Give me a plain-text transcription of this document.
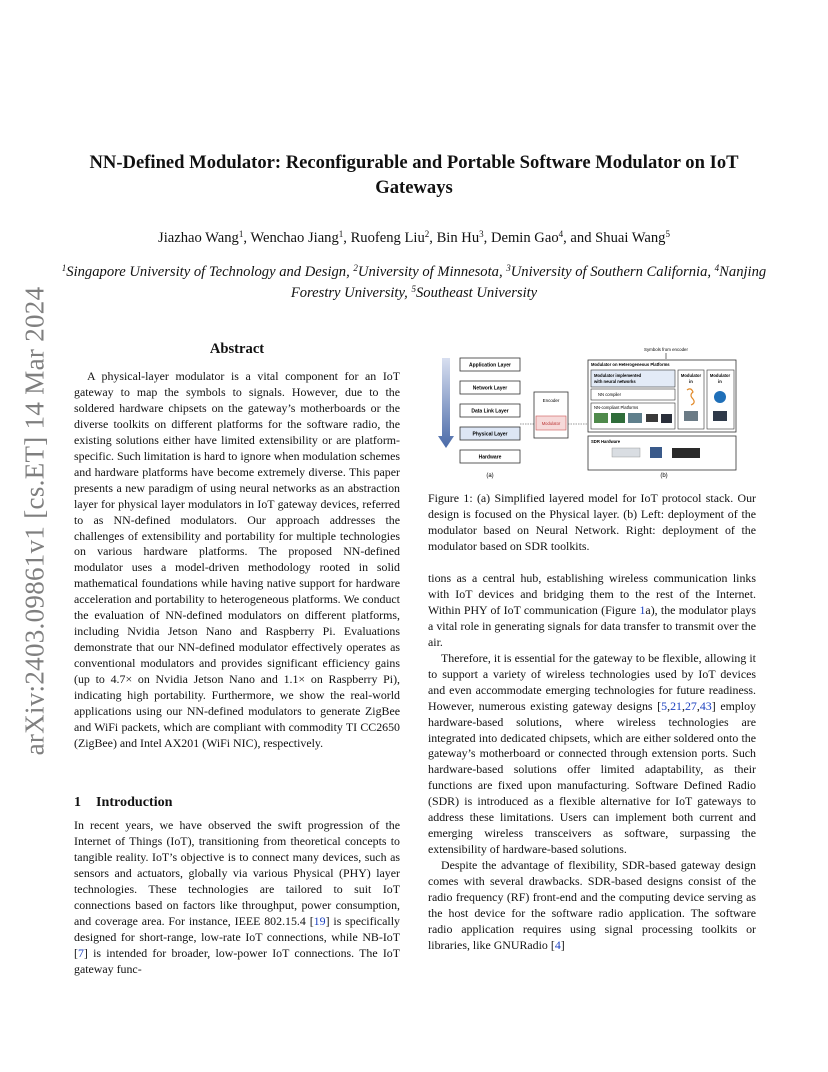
NN-Defined Modulator: Reconfigurable and Portable Software Modulator on IoT Gateways
Jiazhao Wang$^1$, Wenchao Jiang$^1$, Ruofeng Liu$^2$, Bin Hu$^3$, Demin Gao$^4$, and Shuai Wang$^5$
$^1$Singapore University of Technology and Design, $^2$University of Minnesota, $^3$University of Southern California, $^4$Nanjing Forestry University, $^5$Southeast University
arXiv:2403.09861v1 [cs.ET] 14 Mar 2024	Abstract

A physical-layer modulator is a vital component for an IoT gateway to map the symbols to signals. However, due to the soldered hardware chipsets on the gateway’s motherboards or the diverse toolkits on different platforms for the software radio, the existing solutions either have limited extensibility or are platform-specific. Such limitation is hard to ignore when modulation schemes and hardware platforms have become extremely diverse. This paper presents a new paradigm of using neural networks as an abstraction layer for physical layer modulators in IoT gateway devices, referred to as NN-defined modulators. Our approach addresses the challenges of extensibility and portability for multiple technologies on various hardware platforms. The proposed NN-defined modulator uses a model-driven methodology rooted in solid mathematical foundations while having native support for hardware acceleration and portability to heterogeneous platforms. We conduct the evaluation of NN-defined modulators on different platforms, including Nvidia Jetson Nano and Raspberry Pi. Evaluations demonstrate that our NN-defined modulator effectively operates as conventional modulators and provides significant efficiency gains (up to 4.7× on Nvidia Jetson Nano and 1.1× on Raspberry Pi), indicating high portability. Furthermore, we show the real-world applications using our NN-defined modulators to generate ZigBee and WiFi packets, which are compliant with commodity TI CC2650 (ZigBee) and Intel AX201 (WiFi NIC), respectively.

1 Introduction

In recent years, we have observed the swift progression of the Internet of Things (IoT), transitioning from theoretical concepts to tangible reality. IoT’s objective is to connect many devices, such as sensors and actuators, globally via various Physical (PHY) layer technologies. These technologies are tailored to suit IoT connections based on factors like throughput, power consumption, and coverage area. For instance, IEEE 802.15.4 [19] is specifically designed for short-range, low-rate IoT connections, while NB-IoT [7] is intended for broader, low-power IoT connections. The IoT gateway func-

Application Layer
Network Layer
Data Link Layer
Physical Layer
Hardware
(a)
Encoder
Modulator
Symbols from encoder
Modulator on Heterogeneous Platforms
Modulator implemented
with neural networks
NN compiler
NN-compliant Platforms
Modulator
in
Modulator
in
SDR Hardware
(b)

Figure 1: (a) Simplified layered model for IoT protocol stack. Our design is focused on the Physical layer. (b) Left: deployment of the modulator based on Neural Network. Right: deployment of the modulator based on SDR toolkits.

tions as a central hub, establishing wireless communication links with IoT devices and bridging them to the rest of the Internet. Within PHY of IoT communication (Figure 1a), the modulator plays a vital role in generating signals for data transfer to transmit over the air.

Therefore, it is essential for the gateway to be flexible, allowing it to support a variety of wireless technologies used by IoT devices and even accommodate emerging technologies for future readiness. However, numerous existing gateway designs [5,21,27,43] employ hardware-based solutions, where wireless technologies are integrated into dedicated chipsets, which are either soldered onto the gateway’s motherboard or connected through extension ports. Such hardware-based solutions offer limited adaptability, as their functions are fixed upon manufacturing. Software Defined Radio (SDR) is introduced as a flexible alternative for IoT gateways to address these limitations. Users can implement both current and emerging wireless transceivers as software, surpassing the extensibility of hardware-based solutions.

Despite the advantage of flexibility, SDR-based gateway design comes with several drawbacks. SDR-based designs consist of the radio frequency (RF) front-end and the computing device serving as the host device for the software radio application. The software radio application requires using signal processing toolkits or libraries, like GNURadio [4]
